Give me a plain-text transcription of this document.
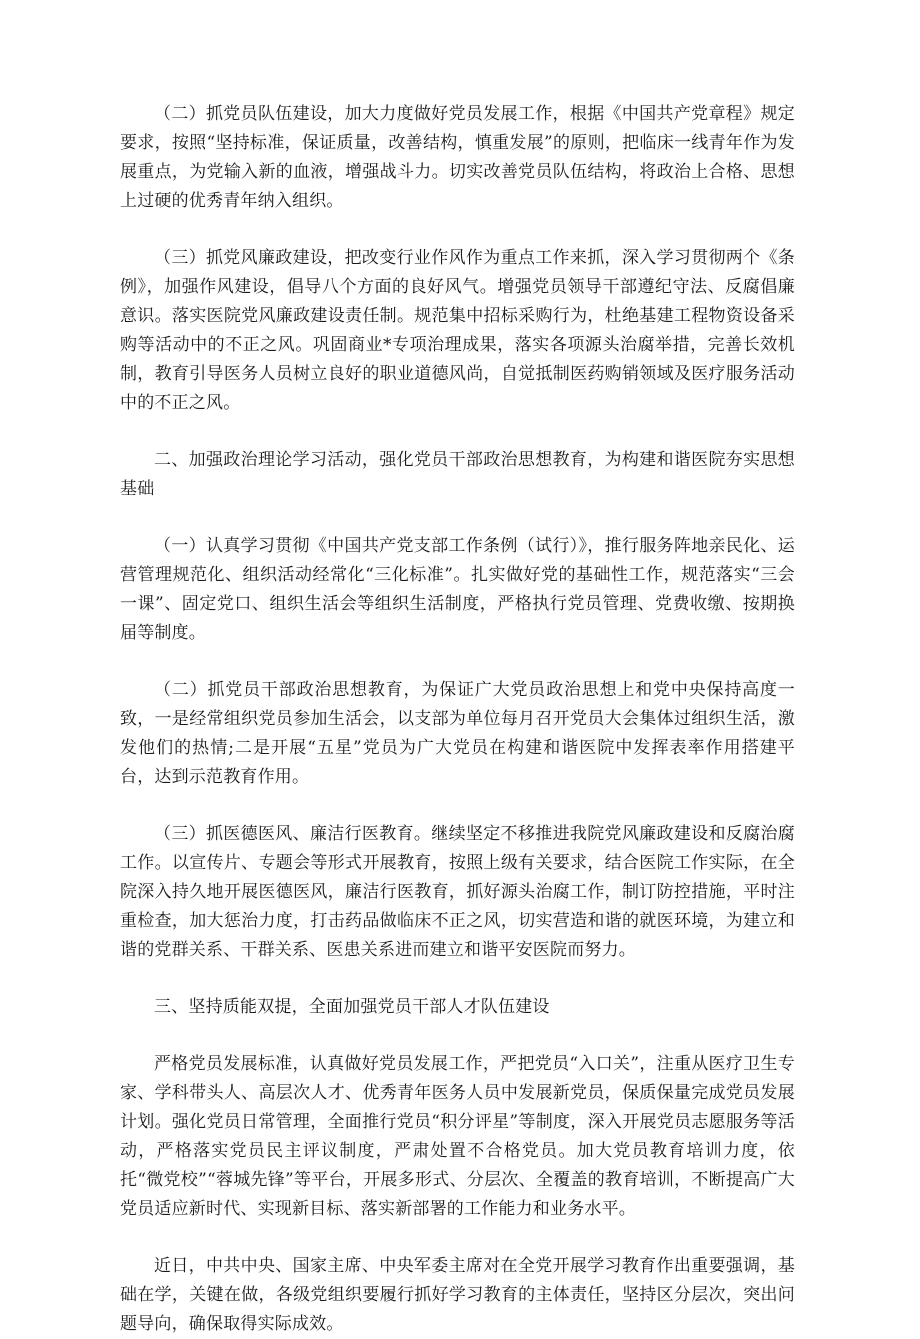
（二）抓党员队伍建设，加大力度做好党员发展工作，根据《中国共产党章程》规定要求，按照“坚持标准，保证质量，改善结构，慎重发展”的原则，把临床一线青年作为发展重点，为党输入新的血液，增强战斗力。切实改善党员队伍结构，将政治上合格、思想上过硬的优秀青年纳入组织。

（三）抓党风廉政建设，把改变行业作风作为重点工作来抓，深入学习贯彻两个《条例》，加强作风建设，倡导八个方面的良好风气。增强党员领导干部遵纪守法、反腐倡廉意识。落实医院党风廉政建设责任制。规范集中招标采购行为，杜绝基建工程物资设备采购等活动中的不正之风。巩固商业*专项治理成果，落实各项源头治腐举措，完善长效机制，教育引导医务人员树立良好的职业道德风尚，自觉抵制医药购销领域及医疗服务活动中的不正之风。

二、加强政治理论学习活动，强化党员干部政治思想教育，为构建和谐医院夯实思想基础

（一）认真学习贯彻《中国共产党支部工作条例（试行）》，推行服务阵地亲民化、运营管理规范化、组织活动经常化“三化标准”。扎实做好党的基础性工作，规范落实“三会一课”、固定党口、组织生活会等组织生活制度，严格执行党员管理、党费收缴、按期换届等制度。

（二）抓党员干部政治思想教育，为保证广大党员政治思想上和党中央保持高度一致，一是经常组织党员参加生活会，以支部为单位每月召开党员大会集体过组织生活，激发他们的热情;二是开展“五星”党员为广大党员在构建和谐医院中发挥表率作用搭建平台，达到示范教育作用。

（三）抓医德医风、廉洁行医教育。继续坚定不移推进我院党风廉政建设和反腐治腐工作。以宣传片、专题会等形式开展教育，按照上级有关要求，结合医院工作实际，在全院深入持久地开展医德医风，廉洁行医教育，抓好源头治腐工作，制订防控措施，平时注重检查，加大惩治力度，打击药品做临床不正之风，切实营造和谐的就医环境，为建立和谐的党群关系、干群关系、医患关系进而建立和谐平安医院而努力。

三、坚持质能双提，全面加强党员干部人才队伍建设

严格党员发展标准，认真做好党员发展工作，严把党员“入口关”，注重从医疗卫生专家、学科带头人、高层次人才、优秀青年医务人员中发展新党员，保质保量完成党员发展计划。强化党员日常管理，全面推行党员“积分评星”等制度，深入开展党员志愿服务等活动，严格落实党员民主评议制度，严肃处置不合格党员。加大党员教育培训力度，依托“微党校”“蓉城先锋”等平台，开展多形式、分层次、全覆盖的教育培训，不断提高广大党员适应新时代、实现新目标、落实新部署的工作能力和业务水平。

近日，中共中央、国家主席、中央军委主席对在全党开展学习教育作出重要强调，基础在学，关键在做，各级党组织要履行抓好学习教育的主体责任，坚持区分层次，突出问题导向，确保取得实际成效。
